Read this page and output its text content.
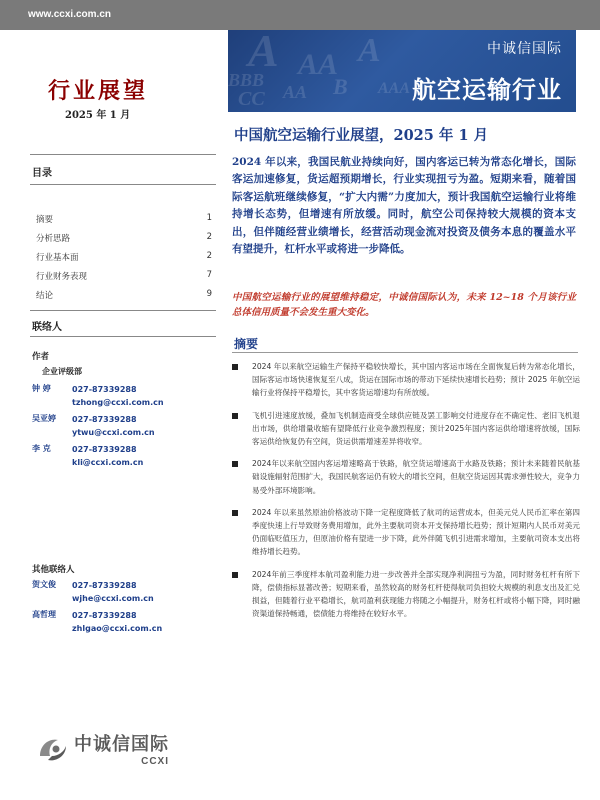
www.ccxi.com.cn
A AA
BBB
CC
A
AAA
B
AA
中诚信国际
航空运输行业
行业展望
2025 年 1 月
目录
摘要	1
分析思路	2
行业基本面	2
行业财务表现	7
结论	9
联络人
作者
企业评级部
钟 婷	027-87339288
tzhong@ccxi.com.cn
吴亚婷	027-87339288
ytwu@ccxi.com.cn
李 克	027-87339288
kli@ccxi.com.cn
其他联络人
贺文俊	027-87339288
wjhe@ccxi.com.cn
高哲理	027-87339288
zhlgao@ccxi.com.cn
中诚信国际
CCXI
中国航空运输行业展望，2025 年 1 月
2024 年以来，我国民航业持续向好，国内客运已转为常态化增长，国际客运加速修复，货运超预期增长，行业实现扭亏为盈。短期来看，随着国际客运航班继续修复，“扩大内需”力度加大，预计我国航空运输行业将维持增长态势，但增速有所放缓。同时，航空公司保持较大规模的资本支出，但伴随经营业绩增长，经营活动现金流对投资及债务本息的覆盖水平有望提升，杠杆水平或将进一步降低。
中国航空运输行业的展望维持稳定，中诚信国际认为，未来 12~18 个月该行业总体信用质量不会发生重大变化。
摘要
2024 年以来航空运输生产保持平稳较快增长，其中国内客运市场在全面恢复后转为常态化增长，国际客运市场快速恢复至八成，货运在国际市场的带动下延续快速增长趋势；预计 2025 年航空运输行业将保持平稳增长，其中客货运增速均有所放缓。
飞机引进速度放缓，叠加飞机制造商受全球供应链及罢工影响交付进度存在不确定性、老旧飞机退出市场，供给增量收缩有望降低行业竞争激烈程度；预计2025年国内客运供给增速将放缓，国际客运供给恢复仍有空间，货运供需增速差异将收窄。
2024年以来航空国内客运增速略高于铁路，航空货运增速高于水路及铁路；预计未来随着民航基础设施辐射范围扩大，我国民航客运仍有较大的增长空间，但航空货运因其需求弹性较大，竞争力易受外部环境影响。
2024 年以来虽然原油价格波动下降一定程度降低了航司的运营成本，但美元兑人民币汇率在第四季度快速上行导致财务费用增加，此外主要航司资本开支保持增长趋势；预计短期内人民币对美元仍面临贬值压力，但原油价格有望进一步下降，此外伴随飞机引进需求增加，主要航司资本支出将维持增长趋势。
2024年前三季度样本航司盈利能力进一步改善并全部实现净利润扭亏为盈，同时财务杠杆有所下降，偿债指标显著改善；短期来看，虽然较高的财务杠杆使得航司负担较大规模的利息支出及汇兑损益，但随着行业平稳增长，航司盈利获现能力将随之小幅提升，财务杠杆或将小幅下降，同时融资渠道保持畅通，偿债能力将维持在较好水平。
